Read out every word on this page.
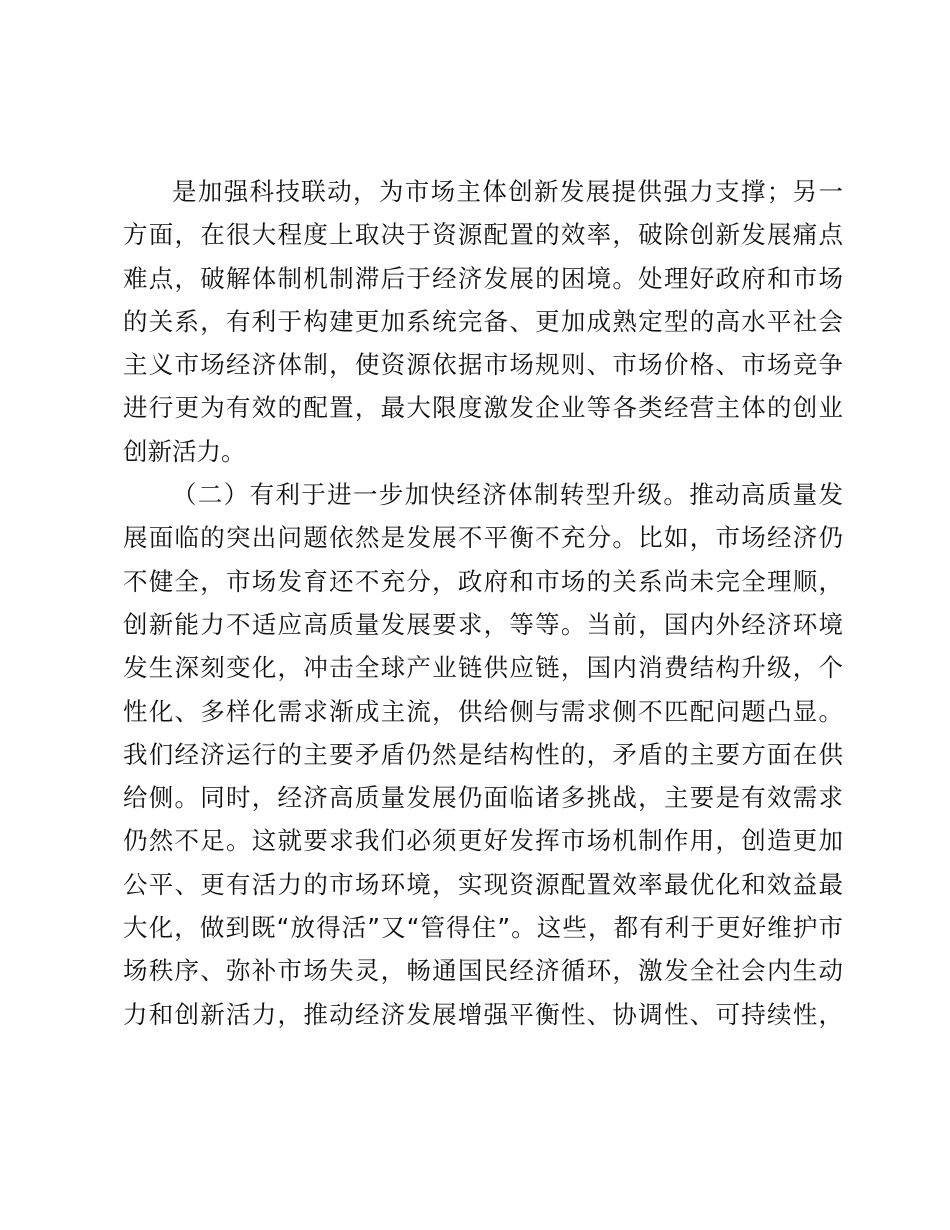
是加强科技联动，为市场主体创新发展提供强力支撑；另一
方面，在很大程度上取决于资源配置的效率，破除创新发展痛点
难点，破解体制机制滞后于经济发展的困境。处理好政府和市场
的关系，有利于构建更加系统完备、更加成熟定型的高水平社会
主义市场经济体制，使资源依据市场规则、市场价格、市场竞争
进行更为有效的配置，最大限度激发企业等各类经营主体的创业
创新活力。
（二）有利于进一步加快经济体制转型升级。推动高质量发
展面临的突出问题依然是发展不平衡不充分。比如，市场经济仍
不健全，市场发育还不充分，政府和市场的关系尚未完全理顺，
创新能力不适应高质量发展要求，等等。当前，国内外经济环境
发生深刻变化，冲击全球产业链供应链，国内消费结构升级，个
性化、多样化需求渐成主流，供给侧与需求侧不匹配问题凸显。
我们经济运行的主要矛盾仍然是结构性的，矛盾的主要方面在供
给侧。同时，经济高质量发展仍面临诸多挑战，主要是有效需求
仍然不足。这就要求我们必须更好发挥市场机制作用，创造更加
公平、更有活力的市场环境，实现资源配置效率最优化和效益最
大化，做到既“放得活”又“管得住”。这些，都有利于更好维护市
场秩序、弥补市场失灵，畅通国民经济循环，激发全社会内生动
力和创新活力，推动经济发展增强平衡性、协调性、可持续性，
